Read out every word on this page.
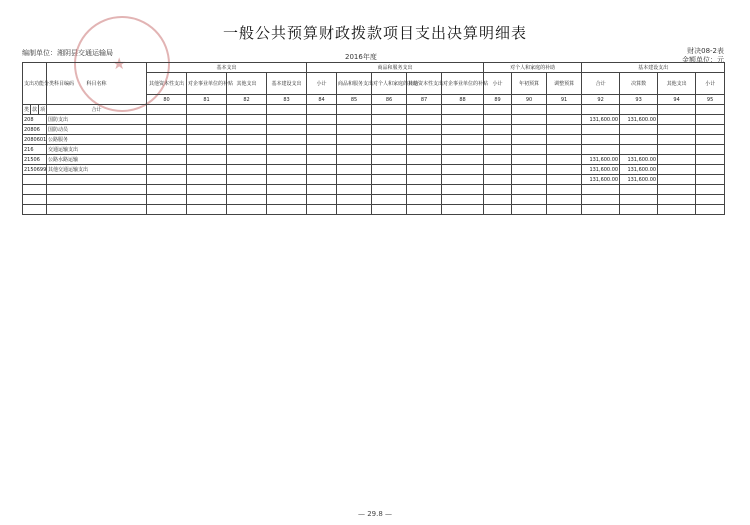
一般公共预算财政拨款项目支出决算明细表
编制单位：湘阴县交通运输局	2016年度
财决08-2表
金额单位：元
★
支出功能分类科目编码			科目名称	基本支出				商品和服务支出					对个人和家庭的补助			基本建设支出			
				其他资本性支出	对企事业单位的补贴	其他支出	基本建设支出	小计	商品和服务支出	对个人和家庭的补助	其他资本性支出	对企事业单位的补贴	小计	年初预算	调整预算	合计	决算数	其他支出	小计
				80	81	82	83	84	85	86	87	88	89	90	91	92	93	94	95
类	款	项	合计																
208			国防支出													131,600.00	131,600.00		
20806			国防动员																
2080601			公路服务																
216			交通运输支出																
21506			公路水路运输													131,600.00	131,600.00		
2150699			其他交通运输支出													131,600.00	131,600.00		
																131,600.00	131,600.00		

— 29.8 —
